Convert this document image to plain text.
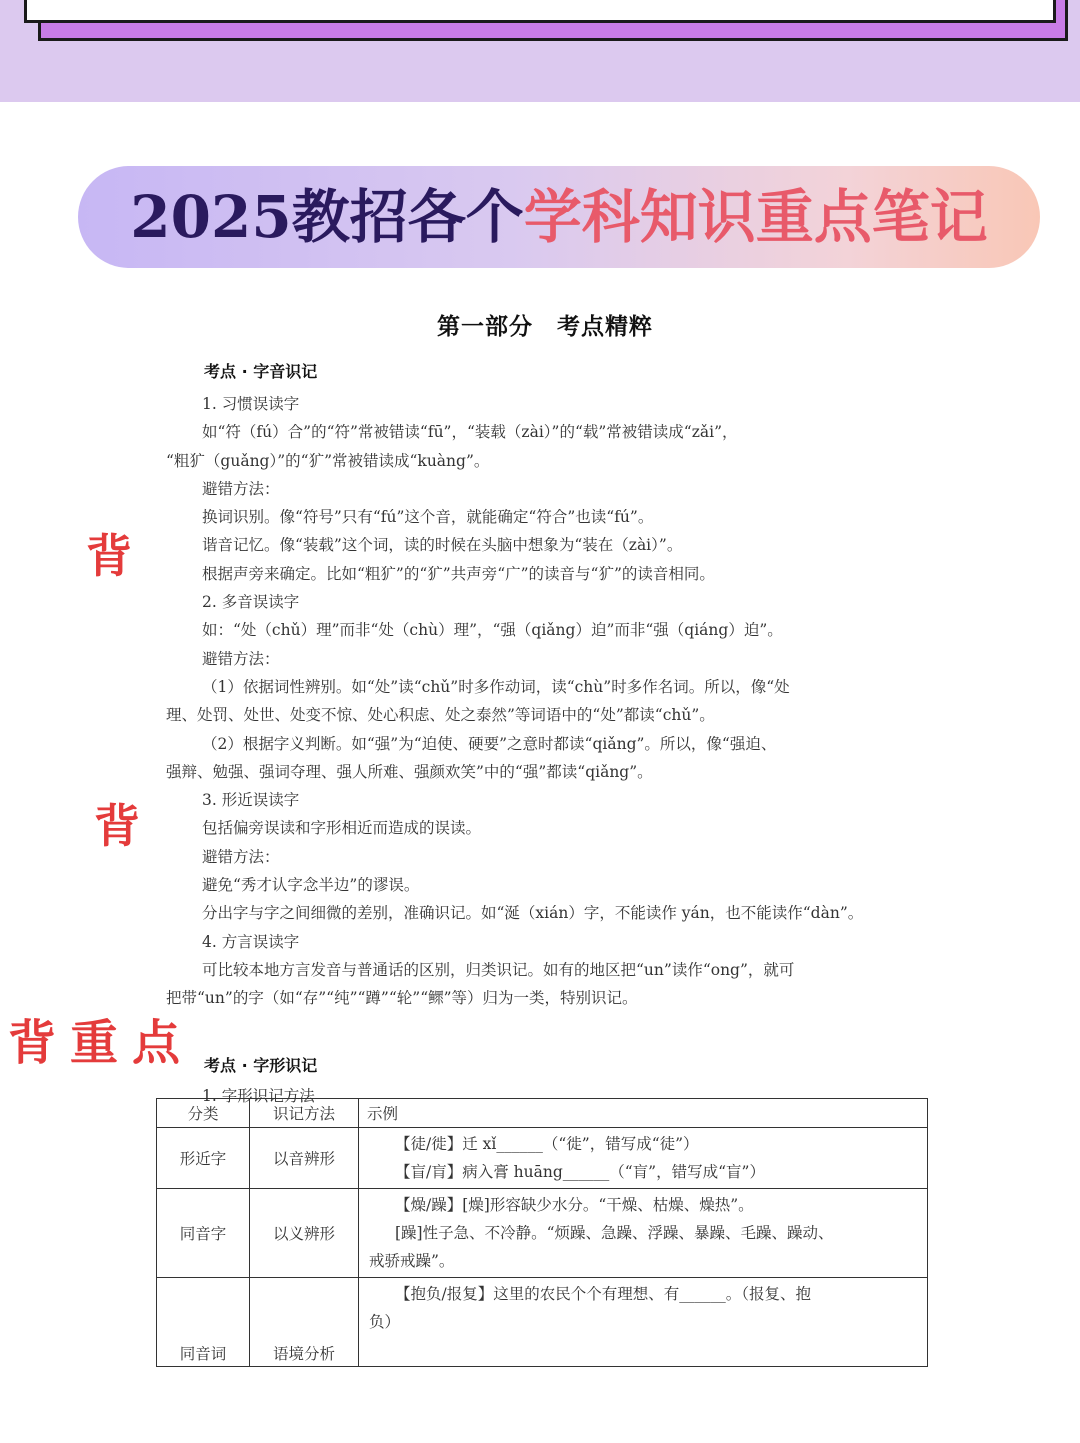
2025教招各个学科知识重点笔记
第一部分　考点精粹
考点 · 字音识记

1. 习惯误读字

如“符（fú）合”的“符”常被错读“fū”，“装载（zài）”的“载”常被错读成“zǎi”，

“粗犷（guǎng）”的“犷”常被错读成“kuàng”。

避错方法：

换词识别。像“符号”只有“fú”这个音，就能确定“符合”也读“fú”。

谐音记忆。像“装载”这个词，读的时候在头脑中想象为“装在（zài）”。

根据声旁来确定。比如“粗犷”的“犷”共声旁“广”的读音与“犷”的读音相同。

2. 多音误读字

如：“处（chǔ）理”而非“处（chù）理”，“强（qiǎng）迫”而非“强（qiáng）迫”。

避错方法：

（1）依据词性辨别。如“处”读“chǔ”时多作动词，读“chù”时多作名词。所以，像“处

理、处罚、处世、处变不惊、处心积虑、处之泰然”等词语中的“处”都读“chǔ”。

（2）根据字义判断。如“强”为“迫使、硬要”之意时都读“qiǎng”。所以，像“强迫、

强辩、勉强、强词夺理、强人所难、强颜欢笑”中的“强”都读“qiǎng”。

3. 形近误读字

包括偏旁误读和字形相近而造成的误读。

避错方法：

避免“秀才认字念半边”的谬误。

分出字与字之间细微的差别，准确识记。如“涎（xián）字，不能读作 yán，也不能读作“dàn”。

4. 方言误读字

可比较本地方言发音与普通话的区别，归类识记。如有的地区把“un”读作“ong”，就可

把带“un”的字（如“存”“纯”“蹲”“轮”“鳏”等）归为一类，特别识记。

考点 · 字形识记

1. 字形识记方法

分类	识记方法	示例
形近字	以音辨形	【徒/徙】迁 xǐ______（“徙”，错写成“徒”）
【盲/肓】病入膏 huāng______（“肓”，错写成“盲”）

同音字	以义辨形	【燥/躁】[燥]形容缺少水分。“干燥、枯燥、燥热”。
[躁]性子急、不冷静。“烦躁、急躁、浮躁、暴躁、毛躁、躁动、
戒骄戒躁”。

同音词	语境分析	【抱负/报复】这里的农民个个有理想、有______。（报复、抱
负）
背
背
背重点
